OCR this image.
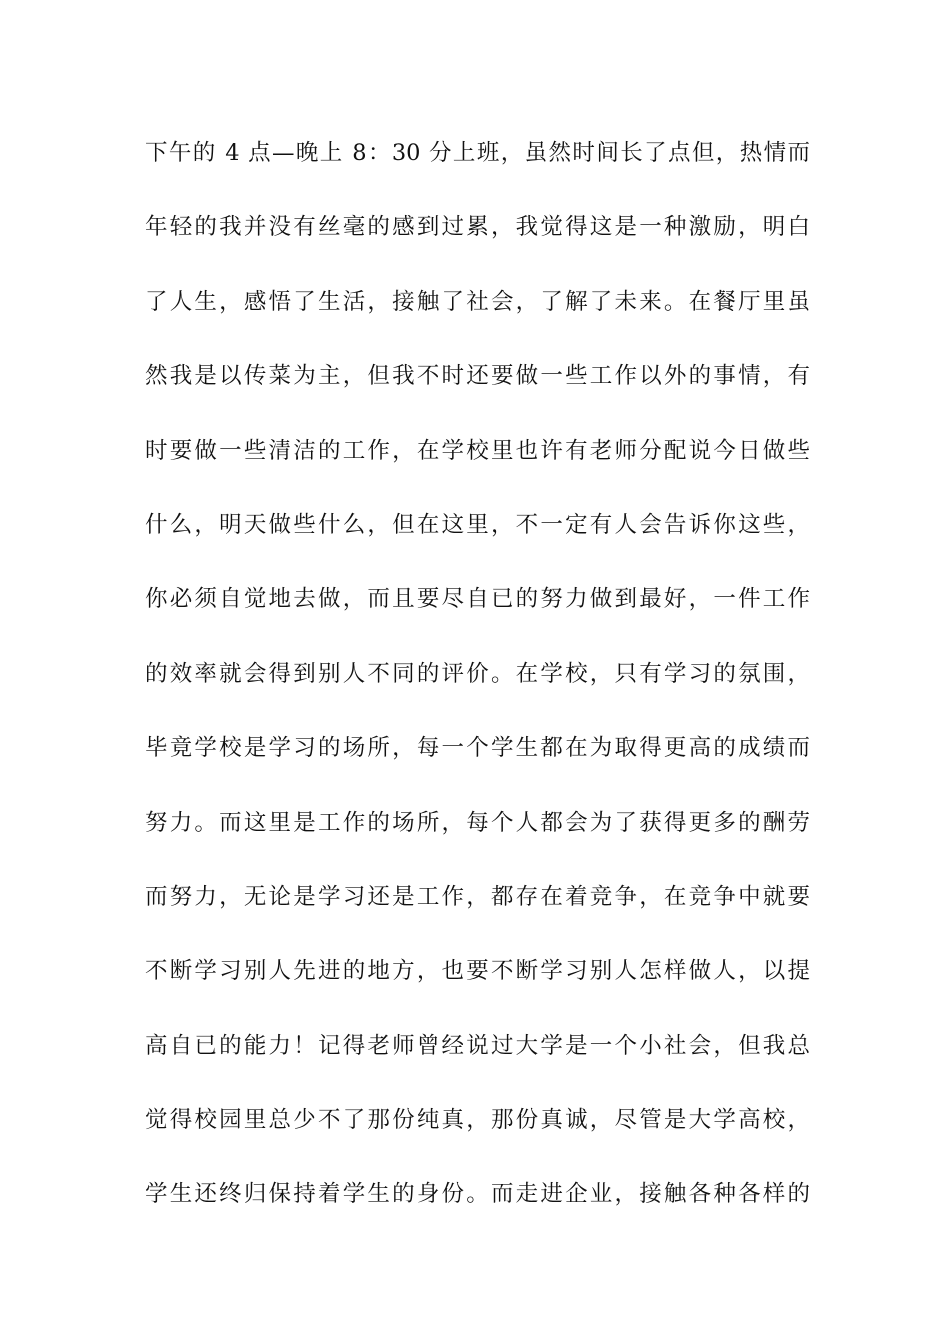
下午的 4 点—晚上 8：30 分上班，虽然时间长了点但，热情而
年轻的我并没有丝毫的感到过累，我觉得这是一种激励，明白
了人生，感悟了生活，接触了社会，了解了未来。在餐厅里虽
然我是以传菜为主，但我不时还要做一些工作以外的事情，有
时要做一些清洁的工作，在学校里也许有老师分配说今日做些
什么，明天做些什么，但在这里，不一定有人会告诉你这些，
你必须自觉地去做，而且要尽自已的努力做到最好，一件工作
的效率就会得到别人不同的评价。在学校，只有学习的氛围，
毕竟学校是学习的场所，每一个学生都在为取得更高的成绩而
努力。而这里是工作的场所，每个人都会为了获得更多的酬劳
而努力，无论是学习还是工作，都存在着竞争，在竞争中就要
不断学习别人先进的地方，也要不断学习别人怎样做人，以提
高自已的能力！记得老师曾经说过大学是一个小社会，但我总
觉得校园里总少不了那份纯真，那份真诚，尽管是大学高校，
学生还终归保持着学生的身份。而走进企业，接触各种各样的
